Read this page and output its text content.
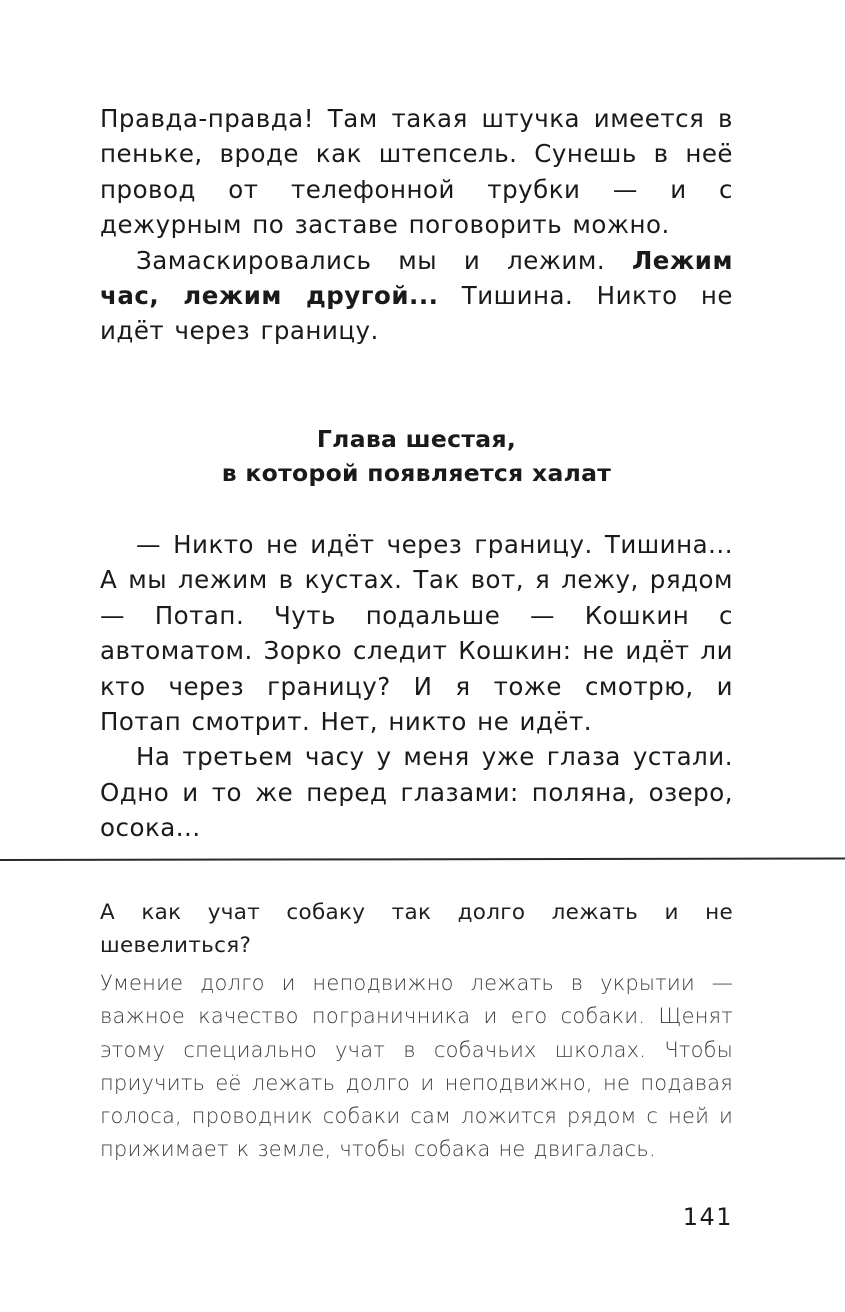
Правда-правда! Там такая штучка имеется в пеньке, вроде как штепсель. Сунешь в неё провод от телефонной трубки — и с дежурным по заставе поговорить можно.

Замаскировались мы и лежим. Лежим час, лежим другой... Тишина. Никто не идёт через границу.

Глава шестая,
в которой появляется халат

— Никто не идёт через границу. Тишина... А мы лежим в кустах. Так вот, я лежу, рядом — Потап. Чуть подальше — Кошкин с автоматом. Зорко следит Кошкин: не идёт ли кто через границу? И я тоже смотрю, и Потап смотрит. Нет, никто не идёт.

На третьем часу у меня уже глаза устали. Одно и то же перед глазами: поляна, озеро, осока...

А как учат собаку так долго лежать и не шевелиться?
Умение долго и неподвижно лежать в укрытии — важное качество пограничника и его собаки. Щенят этому специально учат в собачьих школах. Чтобы приучить её лежать долго и неподвижно, не подавая голоса, проводник собаки сам ложится рядом с ней и прижимает к земле, чтобы собака не двигалась.
141
